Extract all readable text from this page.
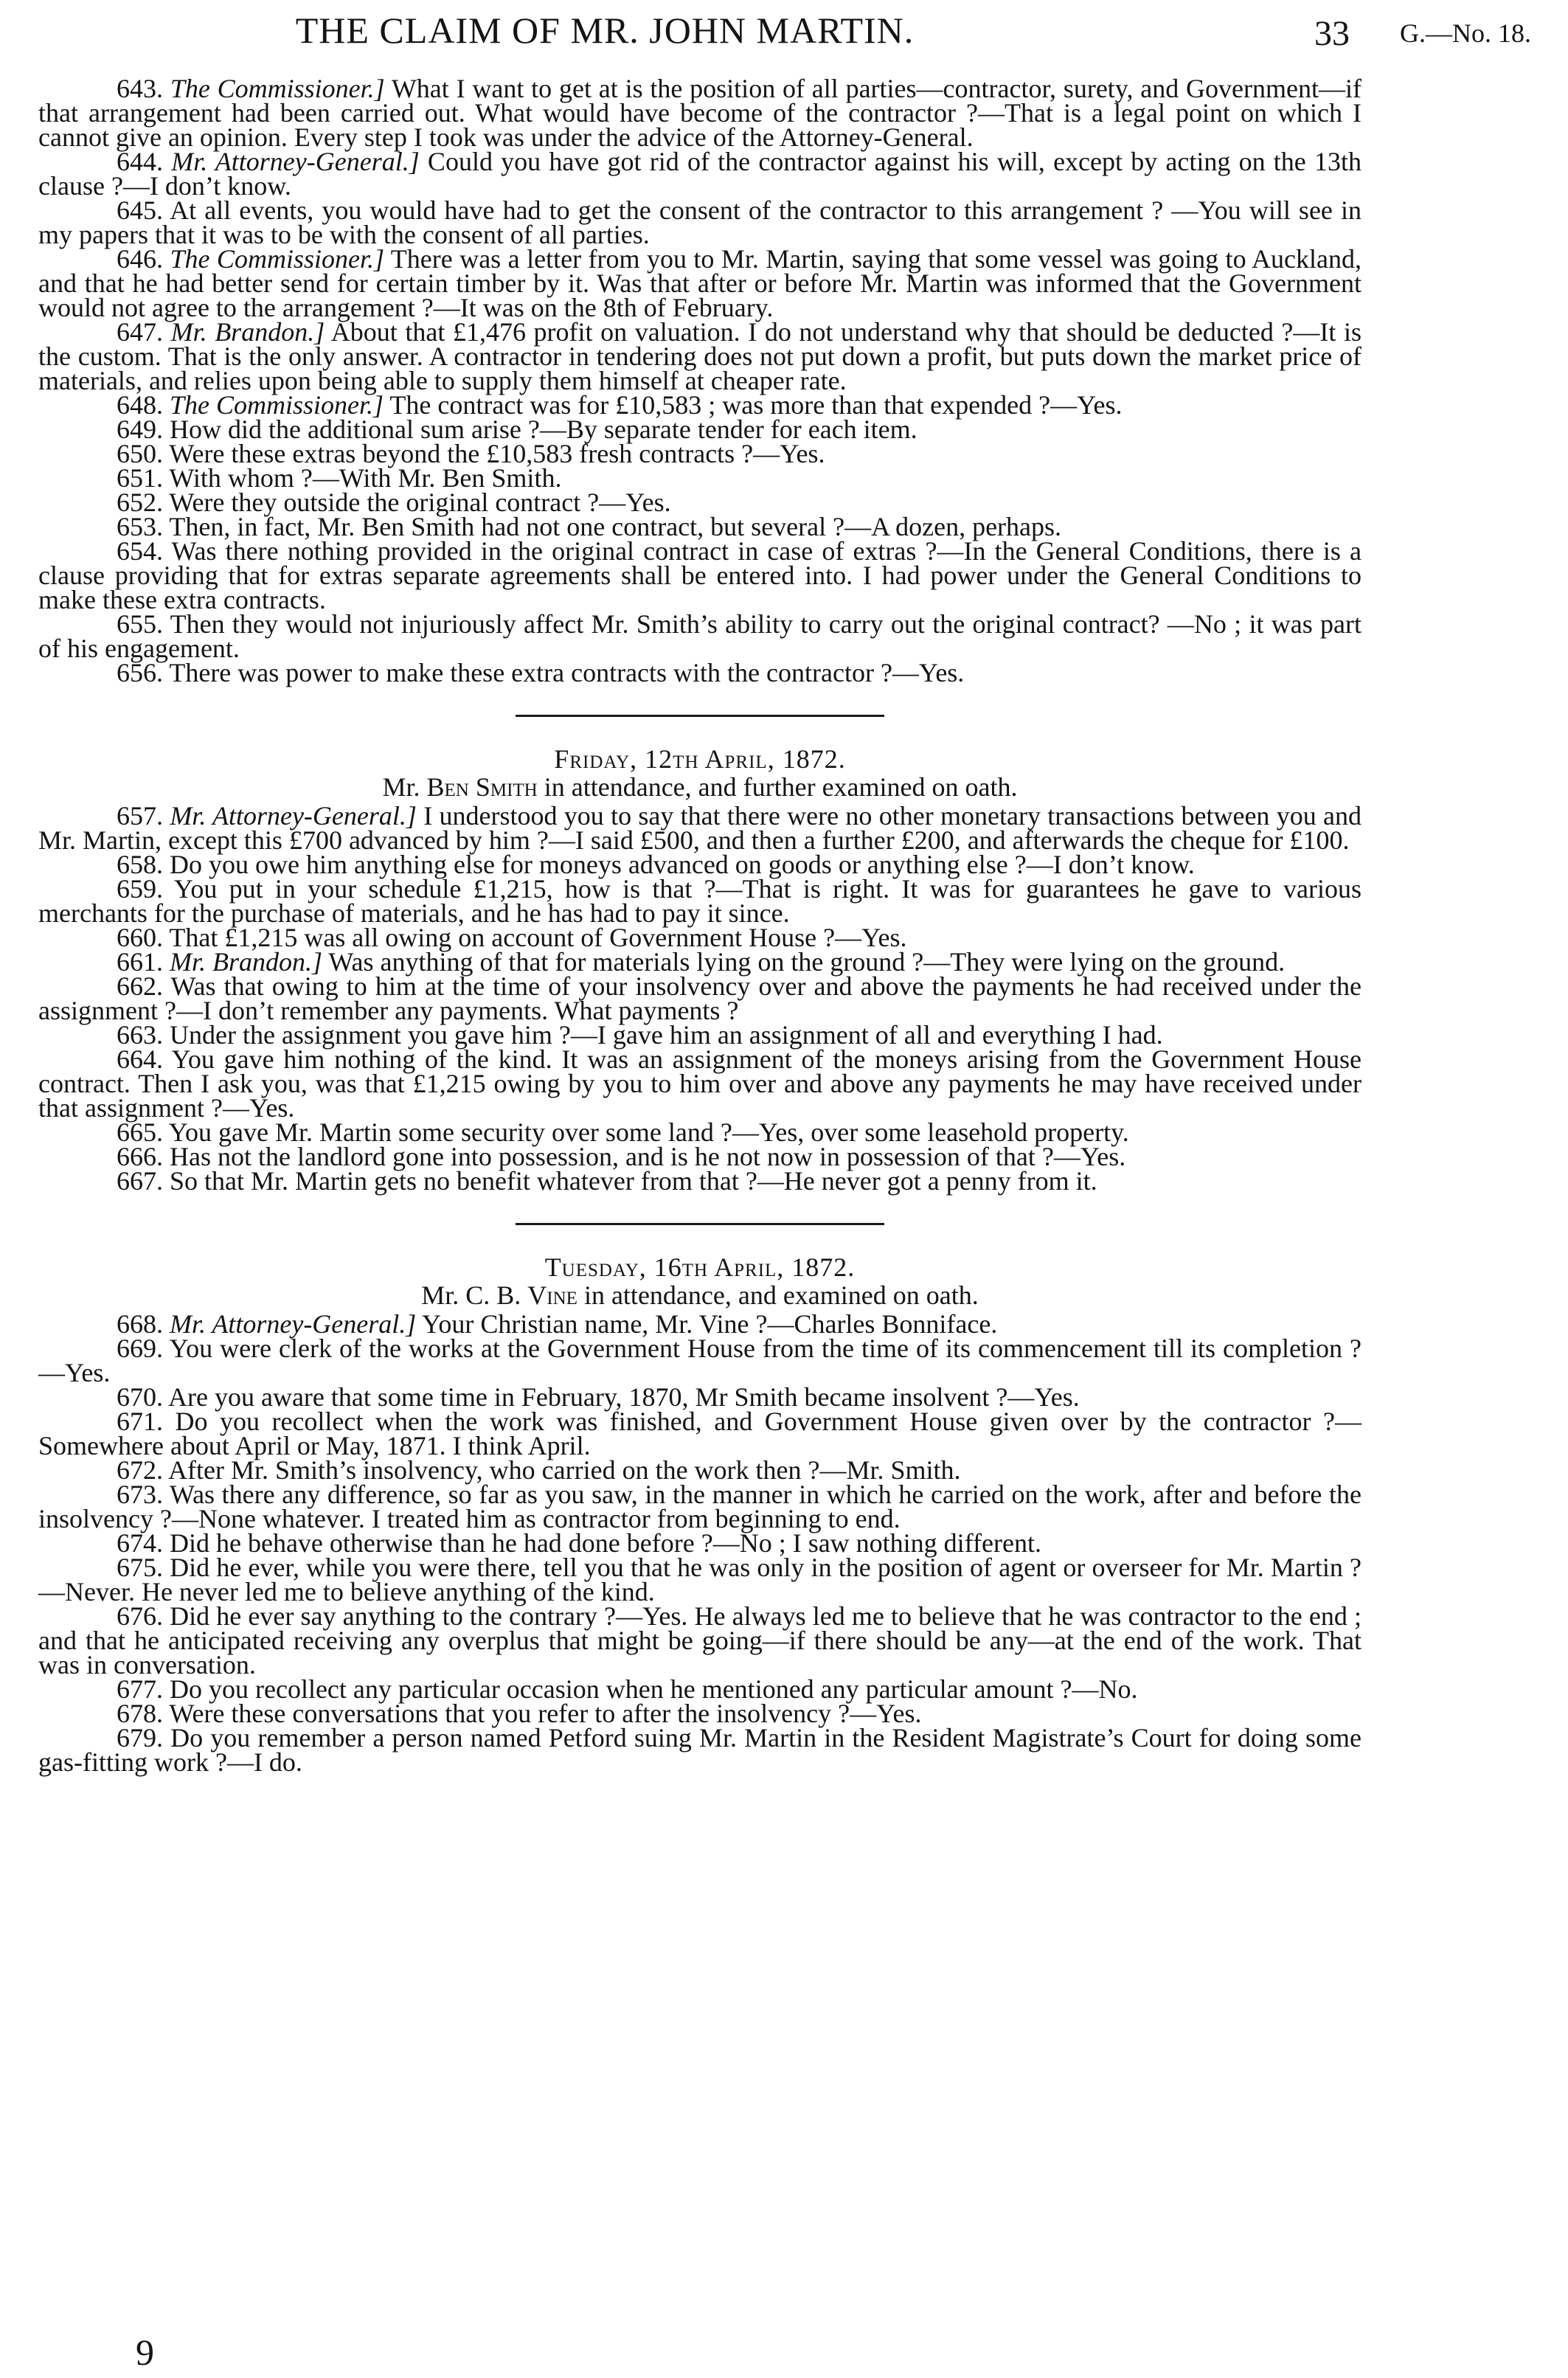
THE CLAIM OF MR. JOHN MARTIN.	33 G.—No. 18.
643. The Commissioner.] What I want to get at is the position of all parties—contractor, surety, and Government—if that arrangement had been carried out. What would have become of the contractor ?—That is a legal point on which I cannot give an opinion. Every step I took was under the advice of the Attorney-General.
644. Mr. Attorney-General.] Could you have got rid of the contractor against his will, except by acting on the 13th clause ?—I don’t know.
645. At all events, you would have had to get the consent of the contractor to this arrangement ? —You will see in my papers that it was to be with the consent of all parties.
646. The Commissioner.] There was a letter from you to Mr. Martin, saying that some vessel was going to Auckland, and that he had better send for certain timber by it. Was that after or before Mr. Martin was informed that the Government would not agree to the arrangement ?—It was on the 8th of February.
647. Mr. Brandon.] About that £1,476 profit on valuation. I do not understand why that should be deducted ?—It is the custom. That is the only answer. A contractor in tendering does not put down a profit, but puts down the market price of materials, and relies upon being able to supply them himself at cheaper rate.
648. The Commissioner.] The contract was for £10,583 ; was more than that expended ?—Yes.
649. How did the additional sum arise ?—By separate tender for each item.
650. Were these extras beyond the £10,583 fresh contracts ?—Yes.
651. With whom ?—With Mr. Ben Smith.
652. Were they outside the original contract ?—Yes.
653. Then, in fact, Mr. Ben Smith had not one contract, but several ?—A dozen, perhaps.
654. Was there nothing provided in the original contract in case of extras ?—In the General Conditions, there is a clause providing that for extras separate agreements shall be entered into. I had power under the General Conditions to make these extra contracts.
655. Then they would not injuriously affect Mr. Smith’s ability to carry out the original contract? —No ; it was part of his engagement.
656. There was power to make these extra contracts with the contractor ?—Yes.

Friday, 12th April, 1872.

Mr. Ben Smith in attendance, and further examined on oath.

657. Mr. Attorney-General.] I understood you to say that there were no other monetary transactions between you and Mr. Martin, except this £700 advanced by him ?—I said £500, and then a further £200, and afterwards the cheque for £100.
658. Do you owe him anything else for moneys advanced on goods or anything else ?—I don’t know.
659. You put in your schedule £1,215, how is that ?—That is right. It was for guarantees he gave to various merchants for the purchase of materials, and he has had to pay it since.
660. That £1,215 was all owing on account of Government House ?—Yes.
661. Mr. Brandon.] Was anything of that for materials lying on the ground ?—They were lying on the ground.
662. Was that owing to him at the time of your insolvency over and above the payments he had received under the assignment ?—I don’t remember any payments. What payments ?
663. Under the assignment you gave him ?—I gave him an assignment of all and everything I had.
664. You gave him nothing of the kind. It was an assignment of the moneys arising from the Government House contract. Then I ask you, was that £1,215 owing by you to him over and above any payments he may have received under that assignment ?—Yes.
665. You gave Mr. Martin some security over some land ?—Yes, over some leasehold property.
666. Has not the landlord gone into possession, and is he not now in possession of that ?—Yes.
667. So that Mr. Martin gets no benefit whatever from that ?—He never got a penny from it.

Tuesday, 16th April, 1872.

Mr. C. B. Vine in attendance, and examined on oath.

668. Mr. Attorney-General.] Your Christian name, Mr. Vine ?—Charles Bonniface.
669. You were clerk of the works at the Government House from the time of its commencement till its completion ?—Yes.
670. Are you aware that some time in February, 1870, Mr Smith became insolvent ?—Yes.
671. Do you recollect when the work was finished, and Government House given over by the contractor ?—Somewhere about April or May, 1871. I think April.
672. After Mr. Smith’s insolvency, who carried on the work then ?—Mr. Smith.
673. Was there any difference, so far as you saw, in the manner in which he carried on the work, after and before the insolvency ?—None whatever. I treated him as contractor from beginning to end.
674. Did he behave otherwise than he had done before ?—No ; I saw nothing different.
675. Did he ever, while you were there, tell you that he was only in the position of agent or overseer for Mr. Martin ?—Never. He never led me to believe anything of the kind.
676. Did he ever say anything to the contrary ?—Yes. He always led me to believe that he was contractor to the end ; and that he anticipated receiving any overplus that might be going—if there should be any—at the end of the work. That was in conversation.
677. Do you recollect any particular occasion when he mentioned any particular amount ?—No.
678. Were these conversations that you refer to after the insolvency ?—Yes.
679. Do you remember a person named Petford suing Mr. Martin in the Resident Magistrate’s Court for doing some gas-fitting work ?—I do.
9
